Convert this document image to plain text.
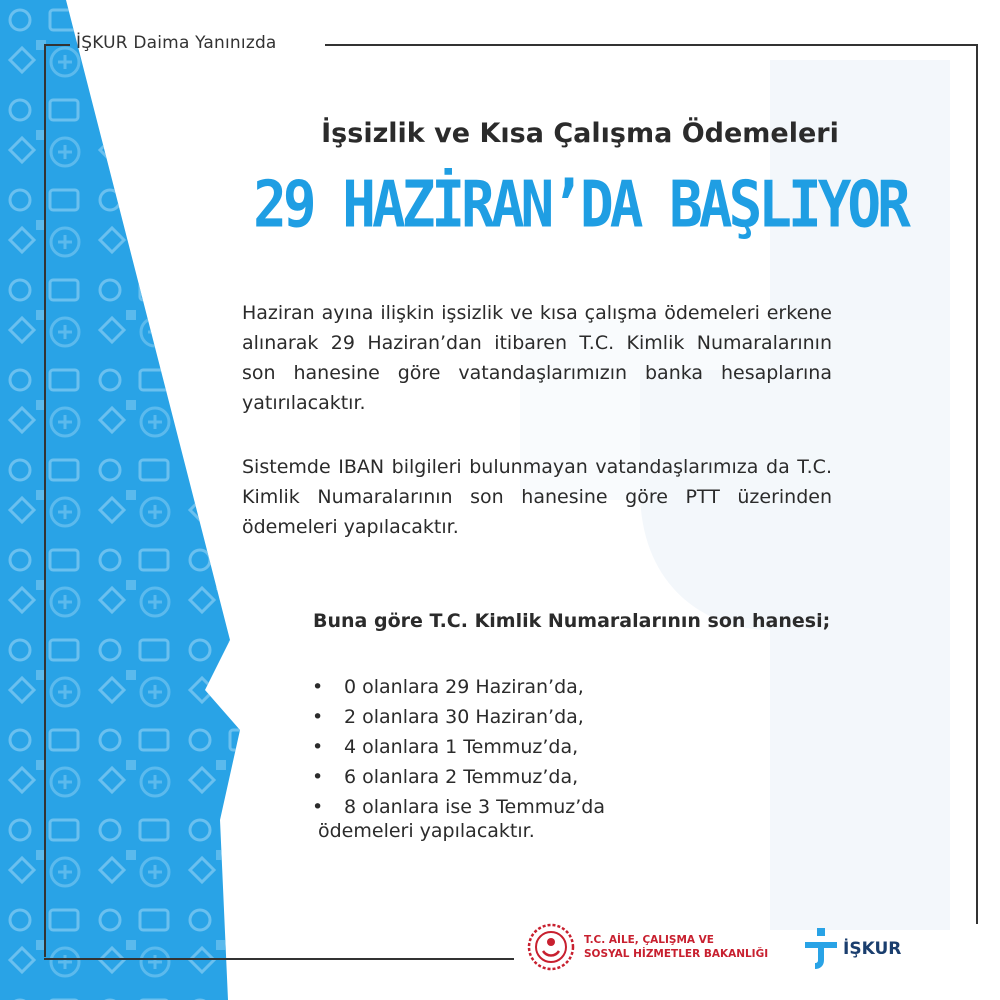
İŞKUR Daima Yanınızda
İşsizlik ve Kısa Çalışma Ödemeleri
29 HAZİRAN’DA BAŞLIYOR
Haziran ayına ilişkin işsizlik ve kısa çalışma ödemeleri erkene alınarak 29 Haziran’dan itibaren T.C. Kimlik Numaralarının son hanesine göre vatandaşlarımızın banka hesaplarına yatırılacaktır.
Sistemde IBAN bilgileri bulunmayan vatandaşlarımıza da T.C. Kimlik Numaralarının son hanesine göre PTT üzerinden ödemeleri yapılacaktır.
Buna göre T.C. Kimlik Numaralarının son hanesi;
•	0 olanlara 29 Haziran’da,
•	2 olanlara 30 Haziran’da,
•	4 olanlara 1 Temmuz’da,
•	6 olanlara 2 Temmuz’da,
•	8 olanlara ise 3 Temmuz’da
ödemeleri yapılacaktır.
T.C. AİLE, ÇALIŞMA VE
SOSYAL HİZMETLER BAKANLIĞI	İŞKUR
